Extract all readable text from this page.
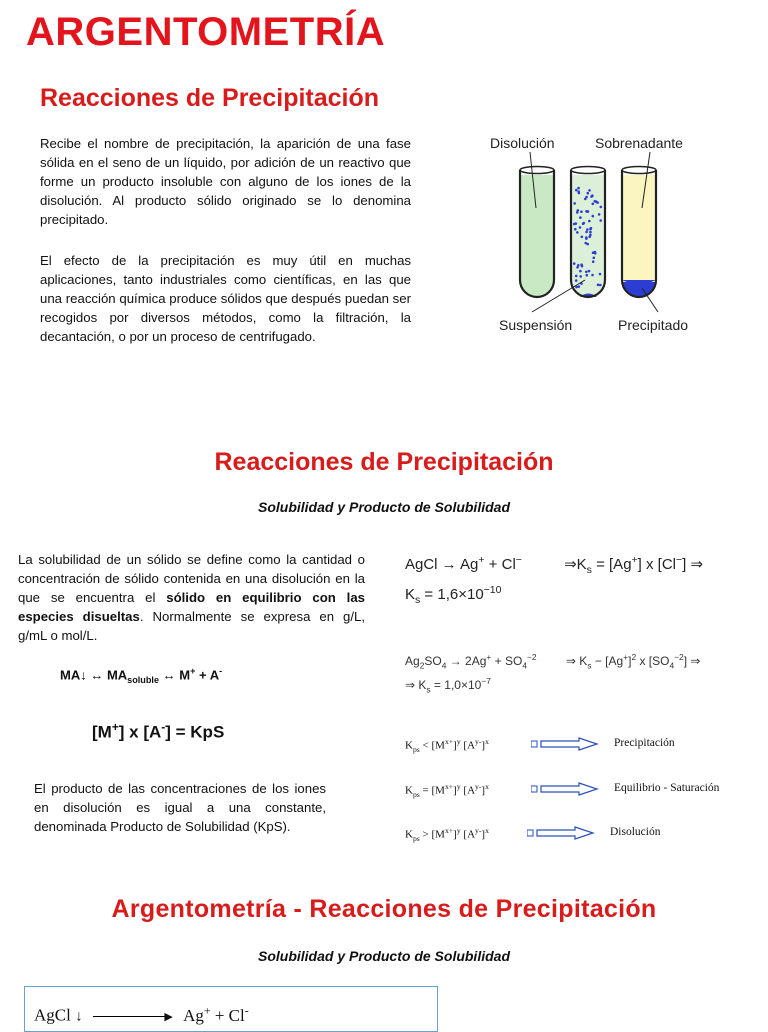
ARGENTOMETRÍA
Reacciones de Precipitación
Recibe el nombre de precipitación, la aparición de una fase sólida en el seno de un líquido, por adición de un reactivo que forme un producto insoluble con alguno de los iones de la disolución. Al producto sólido originado se lo denomina precipitado.
El efecto de la precipitación es muy útil en muchas aplicaciones, tanto industriales como científicas, en las que una reacción química produce sólidos que después puedan ser recogidos por diversos métodos, como la filtración, la decantación, o por un proceso de centrifugado.
Disolución	Sobrenadante
Suspensión	Precipitado
Reacciones de Precipitación
Solubilidad y Producto de Solubilidad
La solubilidad de un sólido se define como la cantidad o concentración de sólido contenida en una disolución en la que se encuentra el sólido en equilibrio con las especies disueltas. Normalmente se expresa en g/L, g/mL o mol/L.
MA↓ ↔ $MA_{soluble}$ ↔ M+ + A-
[M+] x [A-] = KpS
El producto de las concentraciones de los iones en disolución es igual a una constante, denominada Producto de Solubilidad (KpS).
AgCl → Ag+ + Cl−	$\Rightarrow K_s = [Ag^+]$ x [Cl−] ⇒
$K_s = 1,6\times 10^{-10}$
$Ag_2SO_4 \to 2Ag^+ + SO_4^{-2}$ ⇒ $K_s - [Ag^+]^2$ x $[SO_4^{-2}]$ ⇒
⇒ $K_s = 1,0\times 10^{-7}$
$K_{ps} < [M^{x+}]^y$ $[A^{y-}]^x$	Precipitación
$K_{ps} = [M^{x+}]^y$ $[A^{y-}]^x$	Equilibrio - Saturación
$K_{ps} > [M^{x+}]^y$ $[A^{y-}]^x$	Disolución
Argentometría - Reacciones de Precipitación
Solubilidad y Producto de Solubilidad
AgCl ↓	▶ Ag+ + Cl-
